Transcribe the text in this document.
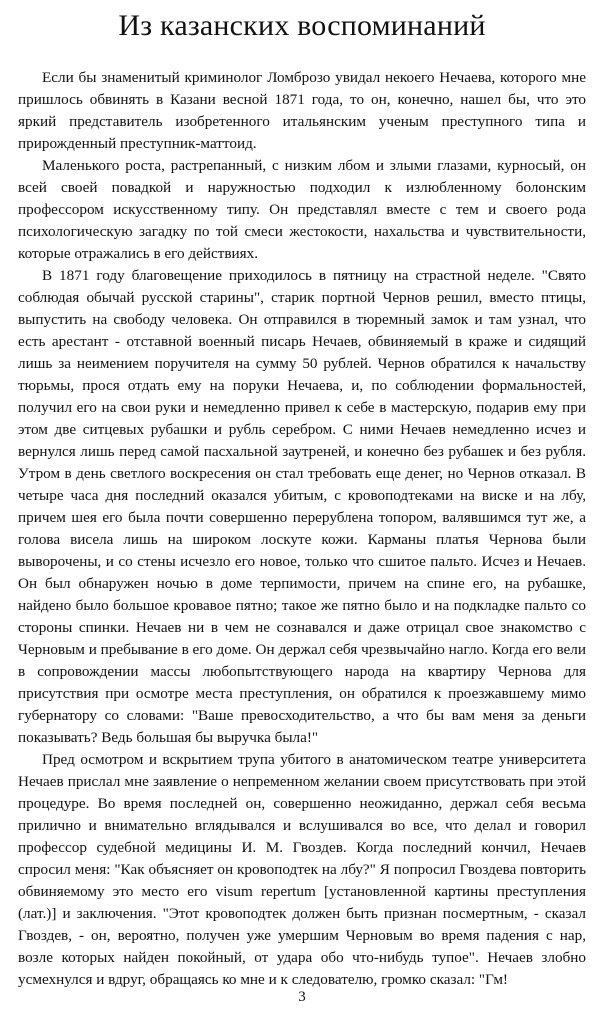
Из казанских воспоминаний

Если бы знаменитый криминолог Ломброзо увидал некоего Нечаева, которого мне пришлось обвинять в Казани весной 1871 года, то он, конечно, нашел бы, что это яркий представитель изобретенного итальянским ученым преступного типа и прирожденный преступник-маттоид.

Маленького роста, растрепанный, с низким лбом и злыми глазами, курносый, он всей своей повадкой и наружностью подходил к излюбленному болонским профессором искусственному типу. Он представлял вместе с тем и своего рода психологическую загадку по той смеси жестокости, нахальства и чувствительности, которые отражались в его действиях.

В 1871 году благовещение приходилось в пятницу на страстной неделе. "Свято соблюдая обычай русской старины", старик портной Чернов решил, вместо птицы, выпустить на свободу человека. Он отправился в тюремный замок и там узнал, что есть арестант - отставной военный писарь Нечаев, обвиняемый в краже и сидящий лишь за неимением поручителя на сумму 50 рублей. Чернов обратился к начальству тюрьмы, прося отдать ему на поруки Нечаева, и, по соблюдении формальностей, получил его на свои руки и немедленно привел к себе в мастерскую, подарив ему при этом две ситцевых рубашки и рубль серебром. С ними Нечаев немедленно исчез и вернулся лишь перед самой пасхальной заутреней, и конечно без рубашек и без рубля. Утром в день светлого воскресения он стал требовать еще денег, но Чернов отказал. В четыре часа дня последний оказался убитым, с кровоподтеками на виске и на лбу, причем шея его была почти совершенно перерублена топором, валявшимся тут же, а голова висела лишь на широком лоскуте кожи. Карманы платья Чернова были выворочены, и со стены исчезло его новое, только что сшитое пальто. Исчез и Нечаев. Он был обнаружен ночью в доме терпимости, причем на спине его, на рубашке, найдено было большое кровавое пятно; такое же пятно было и на подкладке пальто со стороны спинки. Нечаев ни в чем не сознавался и даже отрицал свое знакомство с Черновым и пребывание в его доме. Он держал себя чрезвычайно нагло. Когда его вели в сопровождении массы любопытствующего народа на квартиру Чернова для присутствия при осмотре места преступления, он обратился к проезжавшему мимо губернатору со словами: "Ваше превосходительство, а что бы вам меня за деньги показывать? Ведь большая бы выручка была!"

Пред осмотром и вскрытием трупа убитого в анатомическом театре университета Нечаев прислал мне заявление о непременном желании своем присутствовать при этой процедуре. Во время последней он, совершенно неожиданно, держал себя весьма прилично и внимательно вглядывался и вслушивался во все, что делал и говорил профессор судебной медицины И. М. Гвоздев. Когда последний кончил, Нечаев спросил меня: "Как объясняет он кровоподтек на лбу?" Я попросил Гвоздева повторить обвиняемому это место его visum repertum [установленной картины преступления (лат.)] и заключения. "Этот кровоподтек должен быть признан посмертным, - сказал Гвоздев, - он, вероятно, получен уже умершим Черновым во время падения с нар, возле которых найден покойный, от удара обо что-нибудь тупое". Нечаев злобно усмехнулся и вдруг, обращаясь ко мне и к следователю, громко сказал: "Гм!

3
